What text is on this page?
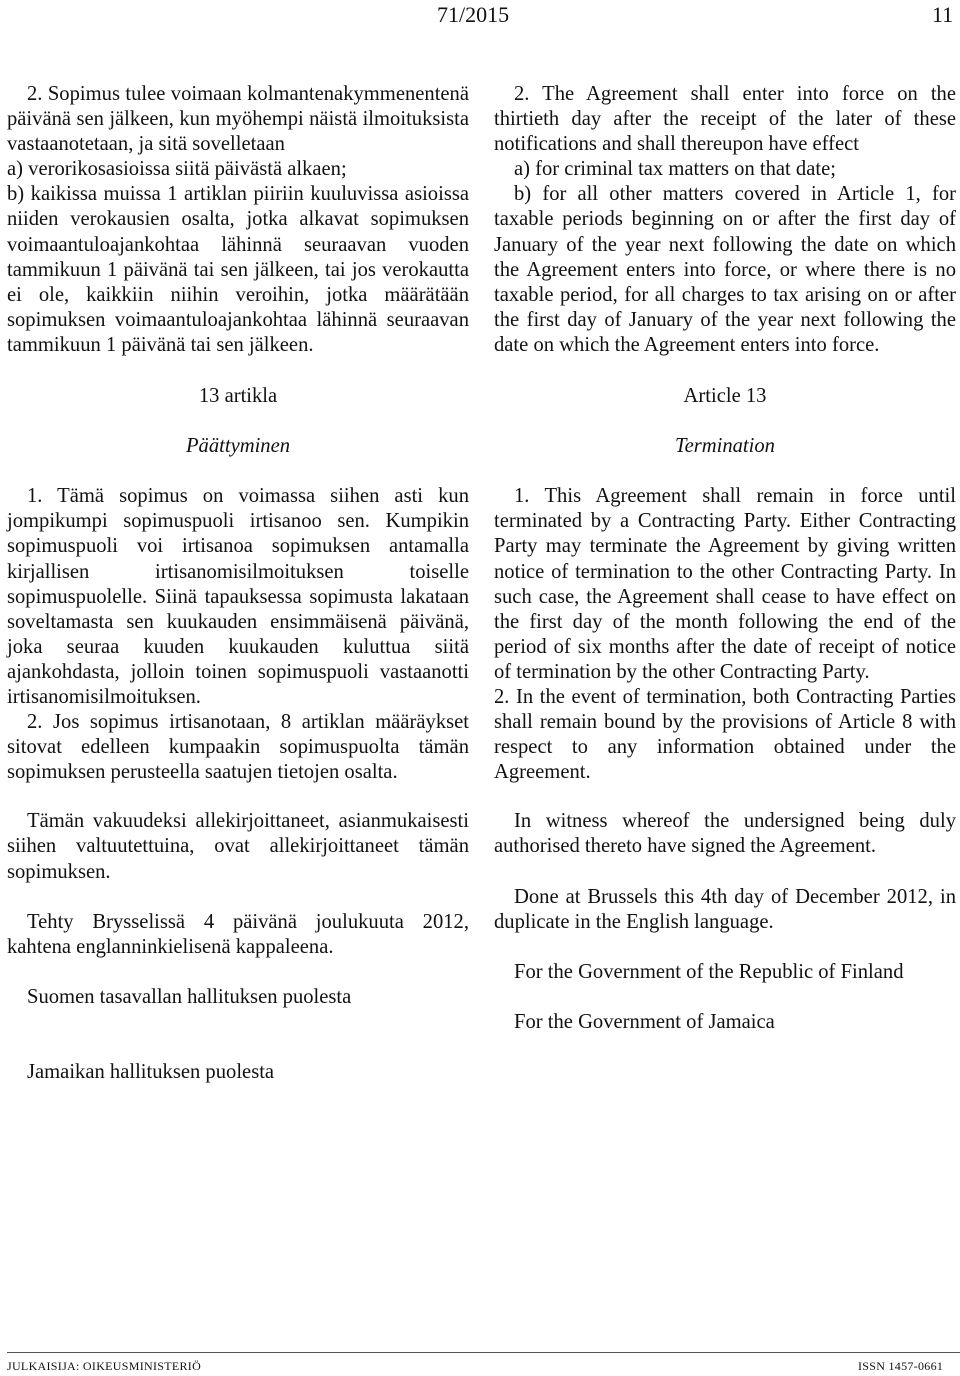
71/2015	11

2. Sopimus tulee voimaan kolmantenakymmenentenä päivänä sen jälkeen, kun myöhempi näistä ilmoituksista vastaanotetaan, ja sitä sovelletaan

a) verorikosasioissa siitä päivästä alkaen;

b) kaikissa muissa 1 artiklan piiriin kuuluvissa asioissa niiden verokausien osalta, jotka alkavat sopimuksen voimaantuloajankohtaa lähinnä seuraavan vuoden tammikuun 1 päivänä tai sen jälkeen, tai jos verokautta ei ole, kaikkiin niihin veroihin, jotka määrätään sopimuksen voimaantuloajankohtaa lähinnä seuraavan tammikuun 1 päivänä tai sen jälkeen.

13 artikla

Päättyminen

1. Tämä sopimus on voimassa siihen asti kun jompikumpi sopimuspuoli irtisanoo sen. Kumpikin sopimuspuoli voi irtisanoa sopimuksen antamalla kirjallisen irtisanomisilmoituksen toiselle sopimuspuolelle. Siinä tapauksessa sopimusta lakataan soveltamasta sen kuukauden ensimmäisenä päivänä, joka seuraa kuuden kuukauden kuluttua siitä ajankohdasta, jolloin toinen sopimuspuoli vastaanotti irtisanomisilmoituksen.

2. Jos sopimus irtisanotaan, 8 artiklan määräykset sitovat edelleen kumpaakin sopimuspuolta tämän sopimuksen perusteella saatujen tietojen osalta.

Tämän vakuudeksi allekirjoittaneet, asianmukaisesti siihen valtuutettuina, ovat allekirjoittaneet tämän sopimuksen.

Tehty Brysselissä 4 päivänä joulukuuta 2012, kahtena englanninkielisenä kappaleena.

Suomen tasavallan hallituksen puolesta

Jamaikan hallituksen puolesta

2. The Agreement shall enter into force on the thirtieth day after the receipt of the later of these notifications and shall thereupon have effect

a) for criminal tax matters on that date;

b) for all other matters covered in Article 1, for taxable periods beginning on or after the first day of January of the year next following the date on which the Agreement enters into force, or where there is no taxable period, for all charges to tax arising on or after the first day of January of the year next following the date on which the Agreement enters into force.

Article 13

Termination

1. This Agreement shall remain in force until terminated by a Contracting Party. Either Contracting Party may terminate the Agreement by giving written notice of termination to the other Contracting Party. In such case, the Agreement shall cease to have effect on the first day of the month following the end of the period of six months after the date of receipt of notice of termination by the other Contracting Party.

2. In the event of termination, both Contracting Parties shall remain bound by the provisions of Article 8 with respect to any information obtained under the Agreement.

In witness whereof the undersigned being duly authorised thereto have signed the Agreement.

Done at Brussels this 4th day of December 2012, in duplicate in the English language.

For the Government of the Republic of Finland

For the Government of Jamaica

JULKAISIJA: OIKEUSMINISTERIÖ	ISSN 1457-0661
